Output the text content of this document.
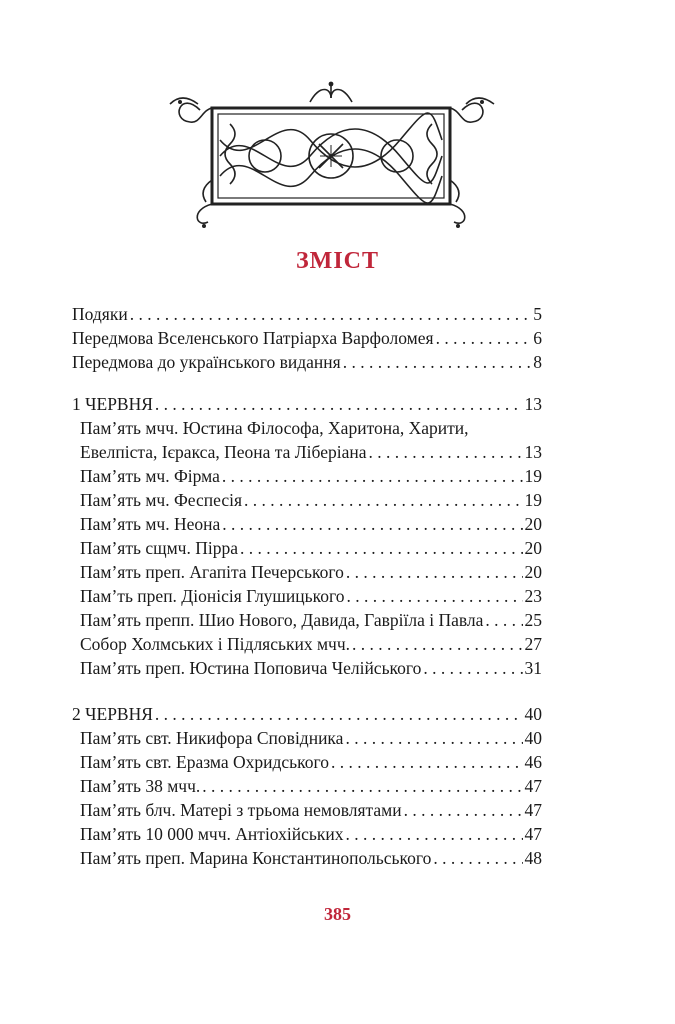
ЗМІСТ
Подяки . . .	5
Передмова Вселенського Патріарха Варфоломея . . .	6
Передмова до українського видання . . .	8
1 ЧЕРВНЯ . . .	13
Пам’ять мчч. Юстина Філософа, Харитона, Харити,
Евелпіста, Ієракса, Пеона та Ліберіана . . .	13
Пам’ять мч. Фірма . . .	19
Пам’ять мч. Феспесія . . .	19
Пам’ять мч. Неона . . .	20
Пам’ять сщмч. Пірра . . .	20
Пам’ять преп. Агапіта Печерського . . .	20
Пам’ть преп. Діонісія Глушицького . . .	23
Пам’ять препп. Шио Нового, Давида, Гавріїла і Павла . . . 25
Собор Холмських і Підляських мчч. . . .	27
Пам’ять преп. Юстина Поповича Челійського . . .	31
2 ЧЕРВНЯ . . .	40
Пам’ять свт. Никифора Сповідника . . .	40
Пам’ять свт. Еразма Охридського . . .	46
Пам’ять 38 мчч. . . .	47
Пам’ять блч. Матері з трьома немовлятами . . .	47
Пам’ять 10 000 мчч. Антіохійських . . .	47
Пам’ять преп. Марина Константинопольського . . .	48
385
